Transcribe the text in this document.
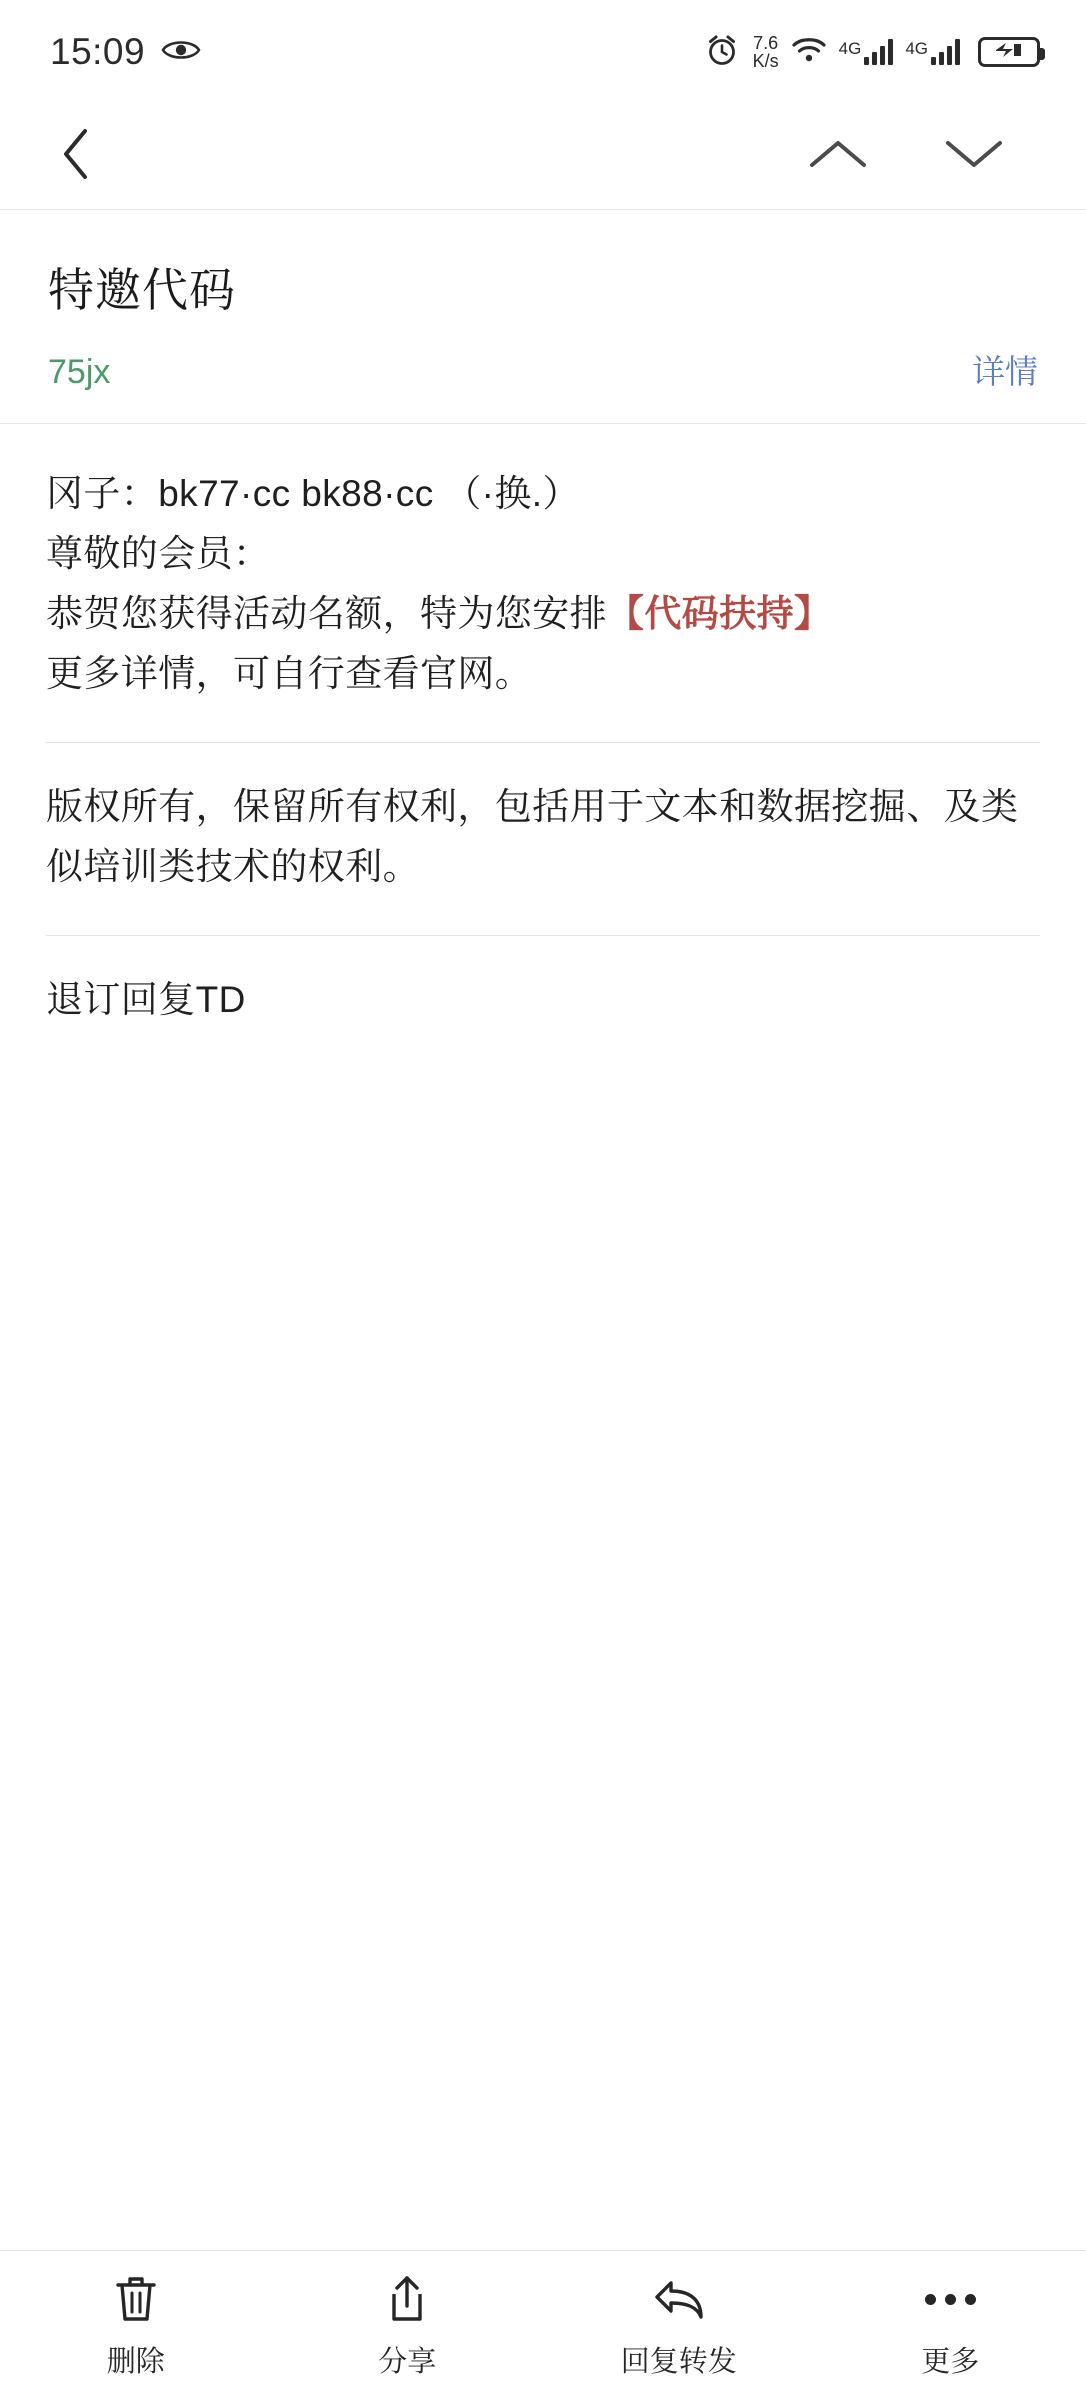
15:09	7.6
K/s
4G	4G
特邀代码
75jx	详情

冈子：bk77·cc bk88·cc （·换.）

尊敬的会员：

恭贺您获得活动名额，特为您安排【代码扶持】

更多详情，可自行查看官网。

版权所有，保留所有权利，包括用于文本和数据挖掘、及类似培训类技术的权利。

退订回复TD

删除	分享	回复转发	更多
